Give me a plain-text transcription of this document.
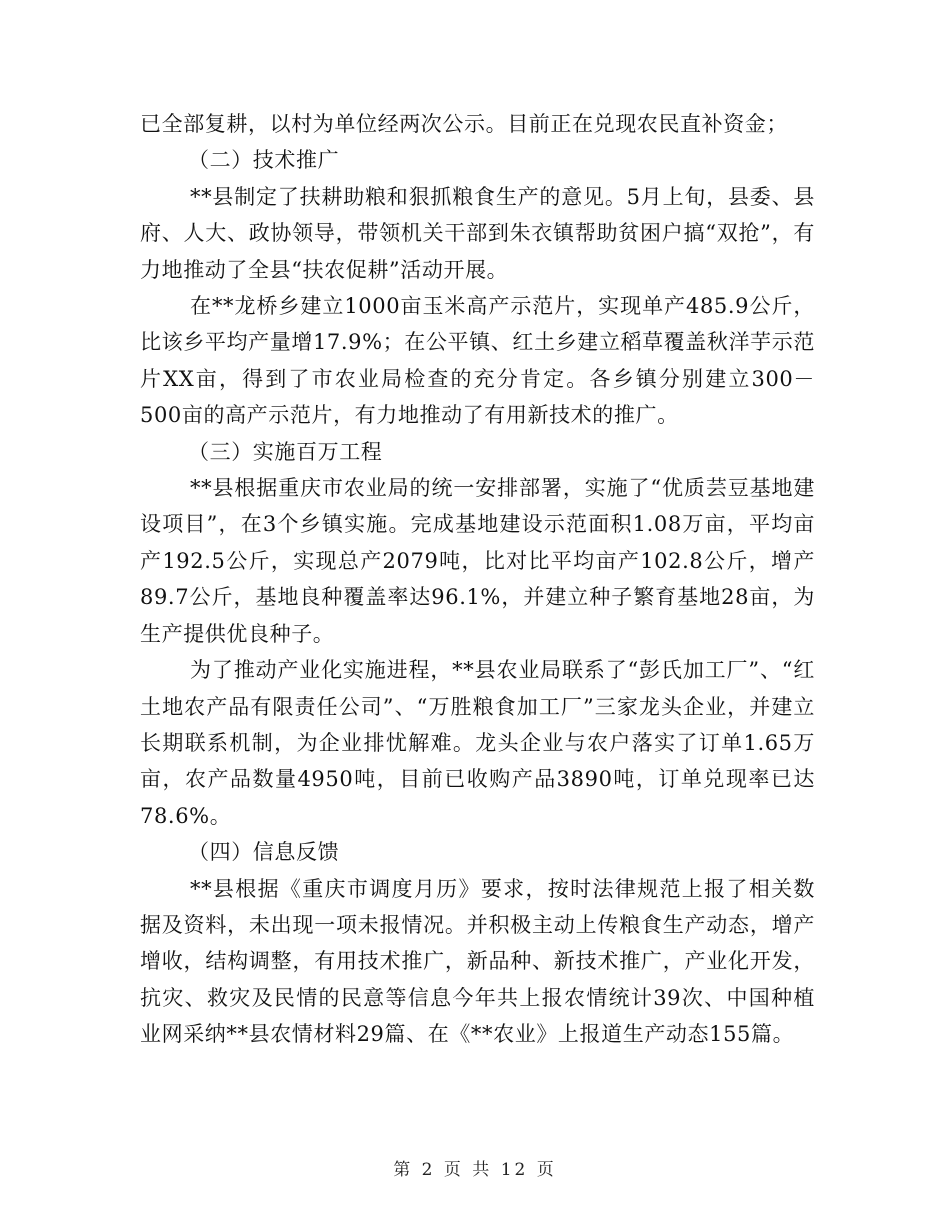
已全部复耕，以村为单位经两次公示。目前正在兑现农民直补资金；

（二）技术推广

**县制定了扶耕助粮和狠抓粮食生产的意见。5月上旬，县委、县府、人大、政协领导，带领机关干部到朱衣镇帮助贫困户搞“双抢”，有力地推动了全县“扶农促耕”活动开展。

在**龙桥乡建立1000亩玉米高产示范片，实现单产485.9公斤，比该乡平均产量增17.9%；在公平镇、红土乡建立稻草覆盖秋洋芋示范片XX亩，得到了市农业局检查的充分肯定。各乡镇分别建立300－500亩的高产示范片，有力地推动了有用新技术的推广。

（三）实施百万工程

**县根据重庆市农业局的统一安排部署，实施了“优质芸豆基地建设项目”，在3个乡镇实施。完成基地建设示范面积1.08万亩，平均亩产192.5公斤，实现总产2079吨，比对比平均亩产102.8公斤，增产89.7公斤，基地良种覆盖率达96.1%，并建立种子繁育基地28亩，为生产提供优良种子。

为了推动产业化实施进程，**县农业局联系了“彭氏加工厂”、“红土地农产品有限责任公司”、“万胜粮食加工厂”三家龙头企业，并建立长期联系机制，为企业排忧解难。龙头企业与农户落实了订单1.65万亩，农产品数量4950吨，目前已收购产品3890吨，订单兑现率已达78.6%。

（四）信息反馈

**县根据《重庆市调度月历》要求，按时法律规范上报了相关数据及资料，未出现一项未报情况。并积极主动上传粮食生产动态，增产增收，结构调整，有用技术推广，新品种、新技术推广，产业化开发，抗灾、救灾及民情的民意等信息今年共上报农情统计39次、中国种植业网采纳**县农情材料29篇、在《**农业》上报道生产动态155篇。

第 2 页 共 12 页
